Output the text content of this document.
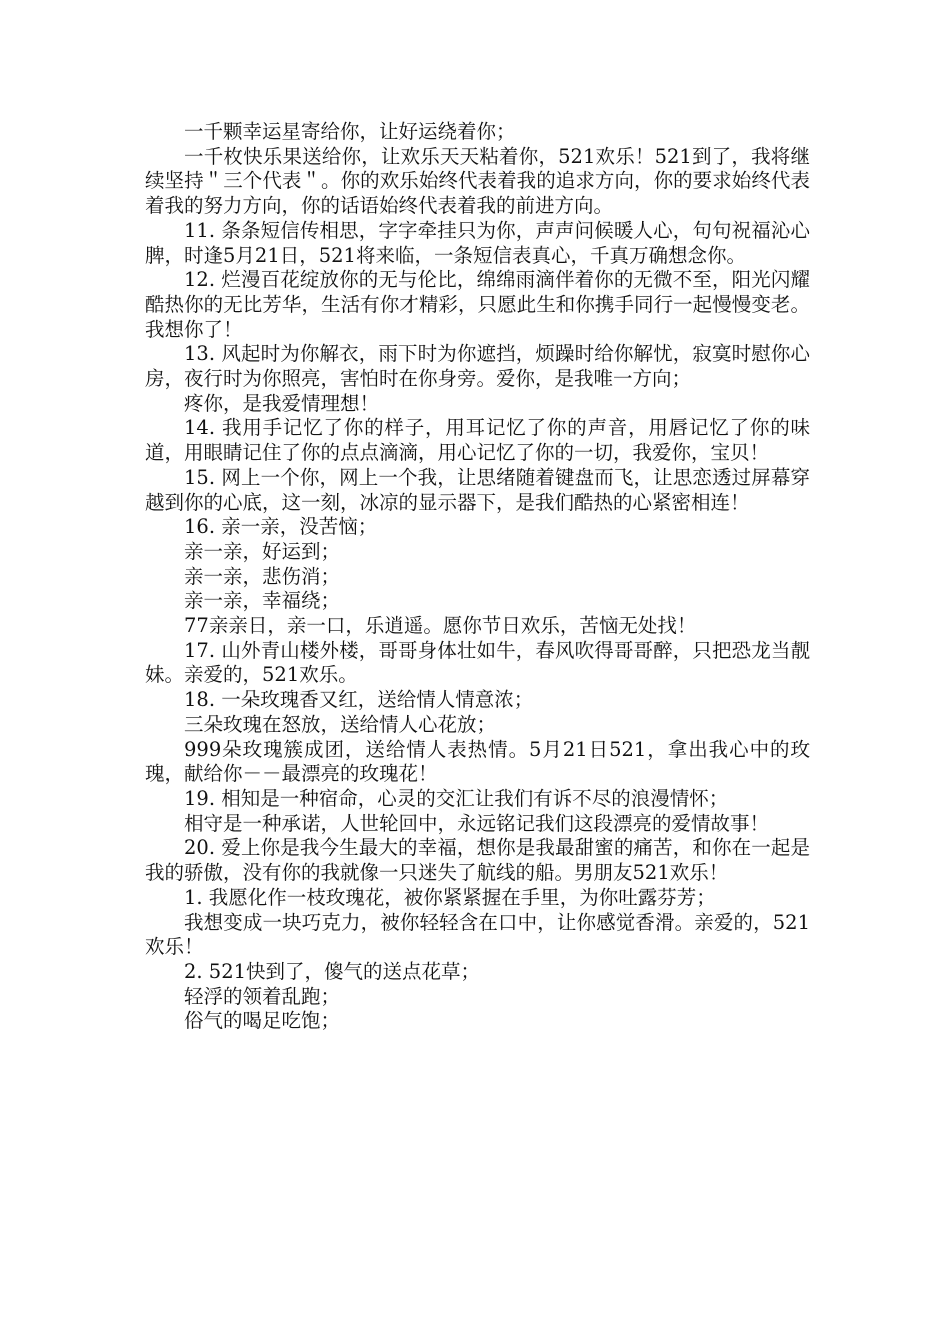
一千颗幸运星寄给你，让好运绕着你；

一千枚快乐果送给你，让欢乐天天粘着你，521欢乐！521到了，我将继续坚持＂三个代表＂。你的欢乐始终代表着我的追求方向，你的要求始终代表着我的努力方向，你的话语始终代表着我的前进方向。

11. 条条短信传相思，字字牵挂只为你，声声问候暖人心，句句祝福沁心脾，时逢5月21日，521将来临，一条短信表真心，千真万确想念你。

12. 烂漫百花绽放你的无与伦比，绵绵雨滴伴着你的无微不至，阳光闪耀酷热你的无比芳华，生活有你才精彩，只愿此生和你携手同行一起慢慢变老。我想你了！

13. 风起时为你解衣，雨下时为你遮挡，烦躁时给你解忧，寂寞时慰你心房，夜行时为你照亮，害怕时在你身旁。爱你，是我唯一方向；

疼你，是我爱情理想！

14. 我用手记忆了你的样子，用耳记忆了你的声音，用唇记忆了你的味道，用眼睛记住了你的点点滴滴，用心记忆了你的一切，我爱你，宝贝！

15. 网上一个你，网上一个我，让思绪随着键盘而飞，让思恋透过屏幕穿越到你的心底，这一刻，冰凉的显示器下，是我们酷热的心紧密相连！

16. 亲一亲，没苦恼；

亲一亲，好运到；

亲一亲，悲伤消；

亲一亲，幸福绕；

77亲亲日，亲一口，乐逍遥。愿你节日欢乐，苦恼无处找！

17. 山外青山楼外楼，哥哥身体壮如牛，春风吹得哥哥醉，只把恐龙当靓妹。亲爱的，521欢乐。

18. 一朵玫瑰香又红，送给情人情意浓；

三朵玫瑰在怒放，送给情人心花放；

999朵玫瑰簇成团，送给情人表热情。5月21日521，拿出我心中的玫瑰，献给你－－最漂亮的玫瑰花！

19. 相知是一种宿命，心灵的交汇让我们有诉不尽的浪漫情怀；

相守是一种承诺，人世轮回中，永远铭记我们这段漂亮的爱情故事！

20. 爱上你是我今生最大的幸福，想你是我最甜蜜的痛苦，和你在一起是我的骄傲，没有你的我就像一只迷失了航线的船。男朋友521欢乐！

1. 我愿化作一枝玫瑰花，被你紧紧握在手里，为你吐露芬芳；

我想变成一块巧克力，被你轻轻含在口中，让你感觉香滑。亲爱的，521欢乐！

2. 521快到了，傻气的送点花草；

轻浮的领着乱跑；

俗气的喝足吃饱；
